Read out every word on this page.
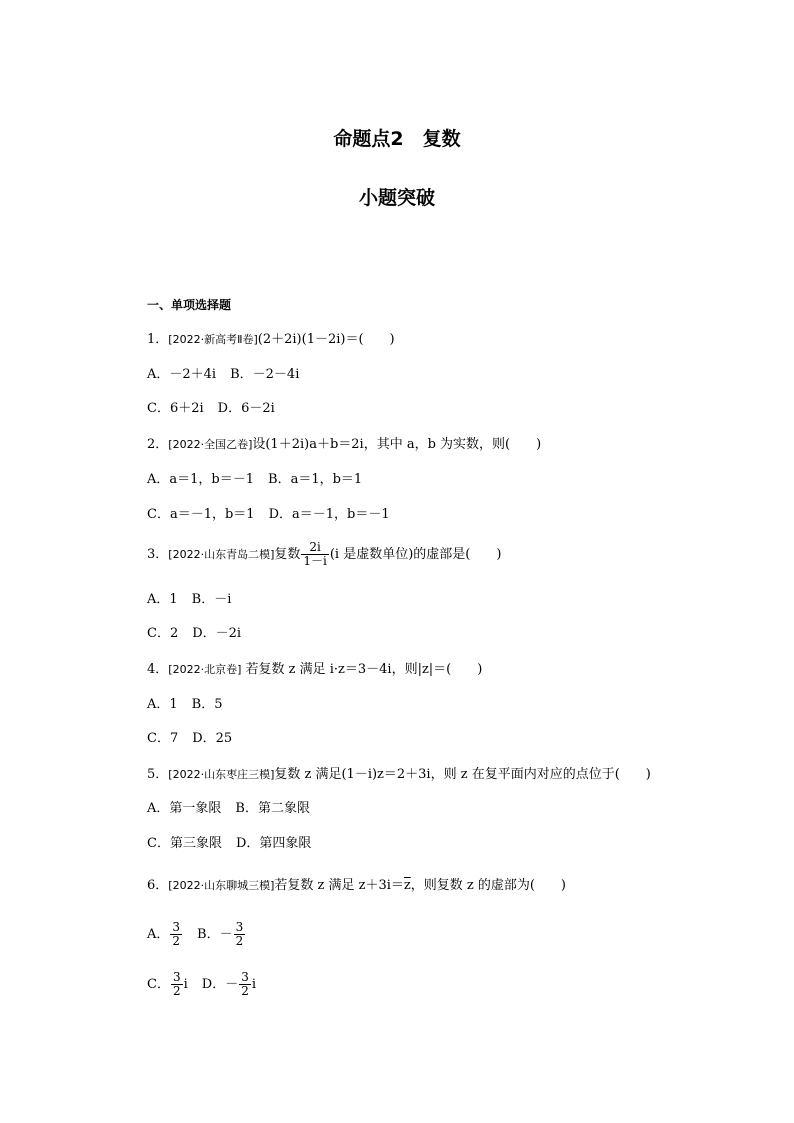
命题点2　复数
小题突破
一、单项选择题
1．[2022·新高考Ⅱ卷](2＋2i)(1－2i)＝(　　)
A．－2＋4i B．－2－4i
C．6＋2i D．6－2i
2．[2022·全国乙卷]设(1＋2i)a＋b＝2i，其中 a，b 为实数，则(　　)
A．a＝1，b＝－1 B．a＝1，b＝1
C．a＝－1，b＝1 D．a＝－1，b＝－1
3．[2022·山东青岛二模]复数 $\frac{2i}{1-i} (i$ 是虚数单位)的虚部是(　　)
A．1 B．－i
C．2 D．－2i
4．[2022·北京卷] 若复数 z 满足 i·z＝3－4i，则|z|＝(　　)
A．1 B．5
C．7 D．25
5．[2022·山东枣庄三模]复数 z 满足(1－i)z＝2＋3i，则 z 在复平面内对应的点位于(　　)
A．第一象限 B．第二象限
C．第三象限 D．第四象限
6．[2022·山东聊城三模]若复数 z 满足 $z+3i=\overline{z}$，则复数 z 的虚部为(　　)
A． $\frac{3}{2}$ B．－ $\frac{3}{2}$
C． $\frac{3}{2}$ i D．－ $\frac{3}{2}$ i
